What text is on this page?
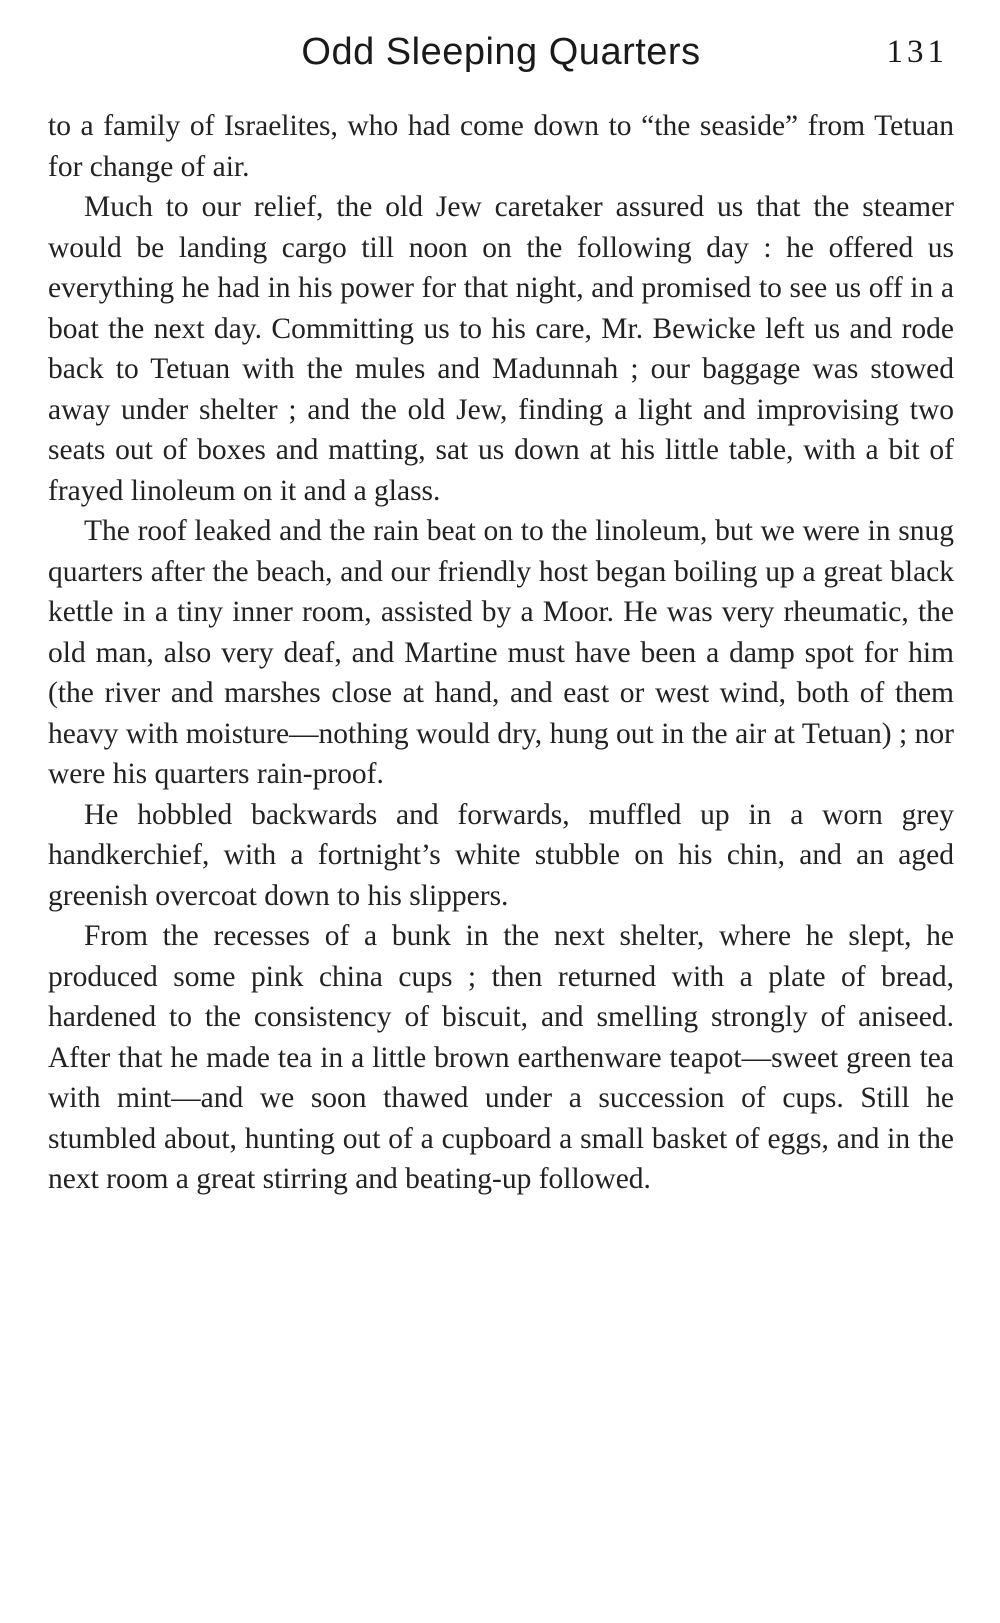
Odd Sleeping Quarters	131

to a family of Israelites, who had come down to “the seaside” from Tetuan for change of air.

Much to our relief, the old Jew caretaker assured us that the steamer would be landing cargo till noon on the following day : he offered us everything he had in his power for that night, and promised to see us off in a boat the next day. Committing us to his care, Mr. Bewicke left us and rode back to Tetuan with the mules and Madunnah ; our baggage was stowed away under shelter ; and the old Jew, finding a light and improvising two seats out of boxes and matting, sat us down at his little table, with a bit of frayed linoleum on it and a glass.

The roof leaked and the rain beat on to the linoleum, but we were in snug quarters after the beach, and our friendly host began boiling up a great black kettle in a tiny inner room, assisted by a Moor. He was very rheumatic, the old man, also very deaf, and Martine must have been a damp spot for him (the river and marshes close at hand, and east or west wind, both of them heavy with moisture—nothing would dry, hung out in the air at Tetuan) ; nor were his quarters rain-proof.

He hobbled backwards and forwards, muffled up in a worn grey handkerchief, with a fortnight’s white stubble on his chin, and an aged greenish overcoat down to his slippers.

From the recesses of a bunk in the next shelter, where he slept, he produced some pink china cups ; then returned with a plate of bread, hardened to the consistency of biscuit, and smelling strongly of aniseed. After that he made tea in a little brown earthenware teapot—sweet green tea with mint—and we soon thawed under a succession of cups. Still he stumbled about, hunting out of a cupboard a small basket of eggs, and in the next room a great stirring and beating-up followed.
